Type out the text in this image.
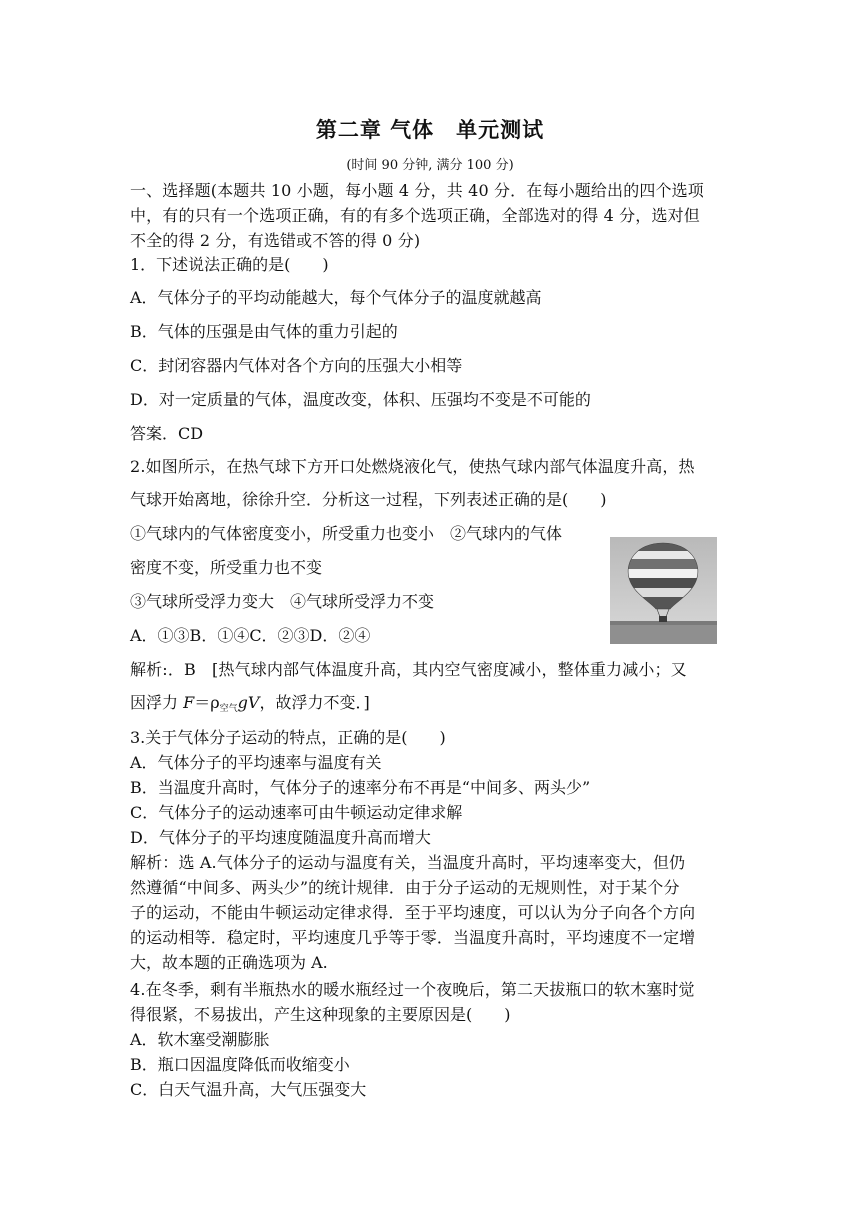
第二章 气体　单元测试
(时间 90 分钟, 满分 100 分)
一、选择题(本题共 10 小题，每小题 4 分，共 40 分．在每小题给出的四个选项
中，有的只有一个选项正确，有的有多个选项正确，全部选对的得 4 分，选对但
不全的得 2 分，有选错或不答的得 0 分)
1．下述说法正确的是(　　)
A．气体分子的平均动能越大，每个气体分子的温度就越高
B．气体的压强是由气体的重力引起的
C．封闭容器内气体对各个方向的压强大小相等
D．对一定质量的气体，温度改变，体积、压强均不变是不可能的
答案．CD
2.如图所示，在热气球下方开口处燃烧液化气，使热气球内部气体温度升高，热
气球开始离地，徐徐升空．分析这一过程，下列表述正确的是(　　)
①气球内的气体密度变小，所受重力也变小　②气球内的气体
密度不变，所受重力也不变
③气球所受浮力变大　④气球所受浮力不变
A．①③B．①④C．②③D．②④
解析:．B　[热气球内部气体温度升高，其内空气密度减小，整体重力减小；又
因浮力 $F=\rho_{空气}gV$，故浮力不变．]
3.关于气体分子运动的特点，正确的是(　　)
A．气体分子的平均速率与温度有关
B．当温度升高时，气体分子的速率分布不再是“中间多、两头少”
C．气体分子的运动速率可由牛顿运动定律求解
D．气体分子的平均速度随温度升高而增大
解析：选 A.气体分子的运动与温度有关，当温度升高时，平均速率变大，但仍
然遵循“中间多、两头少”的统计规律．由于分子运动的无规则性，对于某个分
子的运动，不能由牛顿运动定律求得．至于平均速度，可以认为分子向各个方向
的运动相等．稳定时，平均速度几乎等于零．当温度升高时，平均速度不一定增
大，故本题的正确选项为 A.
4.在冬季，剩有半瓶热水的暖水瓶经过一个夜晚后，第二天拔瓶口的软木塞时觉
得很紧，不易拔出，产生这种现象的主要原因是(　　)
A．软木塞受潮膨胀
B．瓶口因温度降低而收缩变小
C．白天气温升高，大气压强变大
